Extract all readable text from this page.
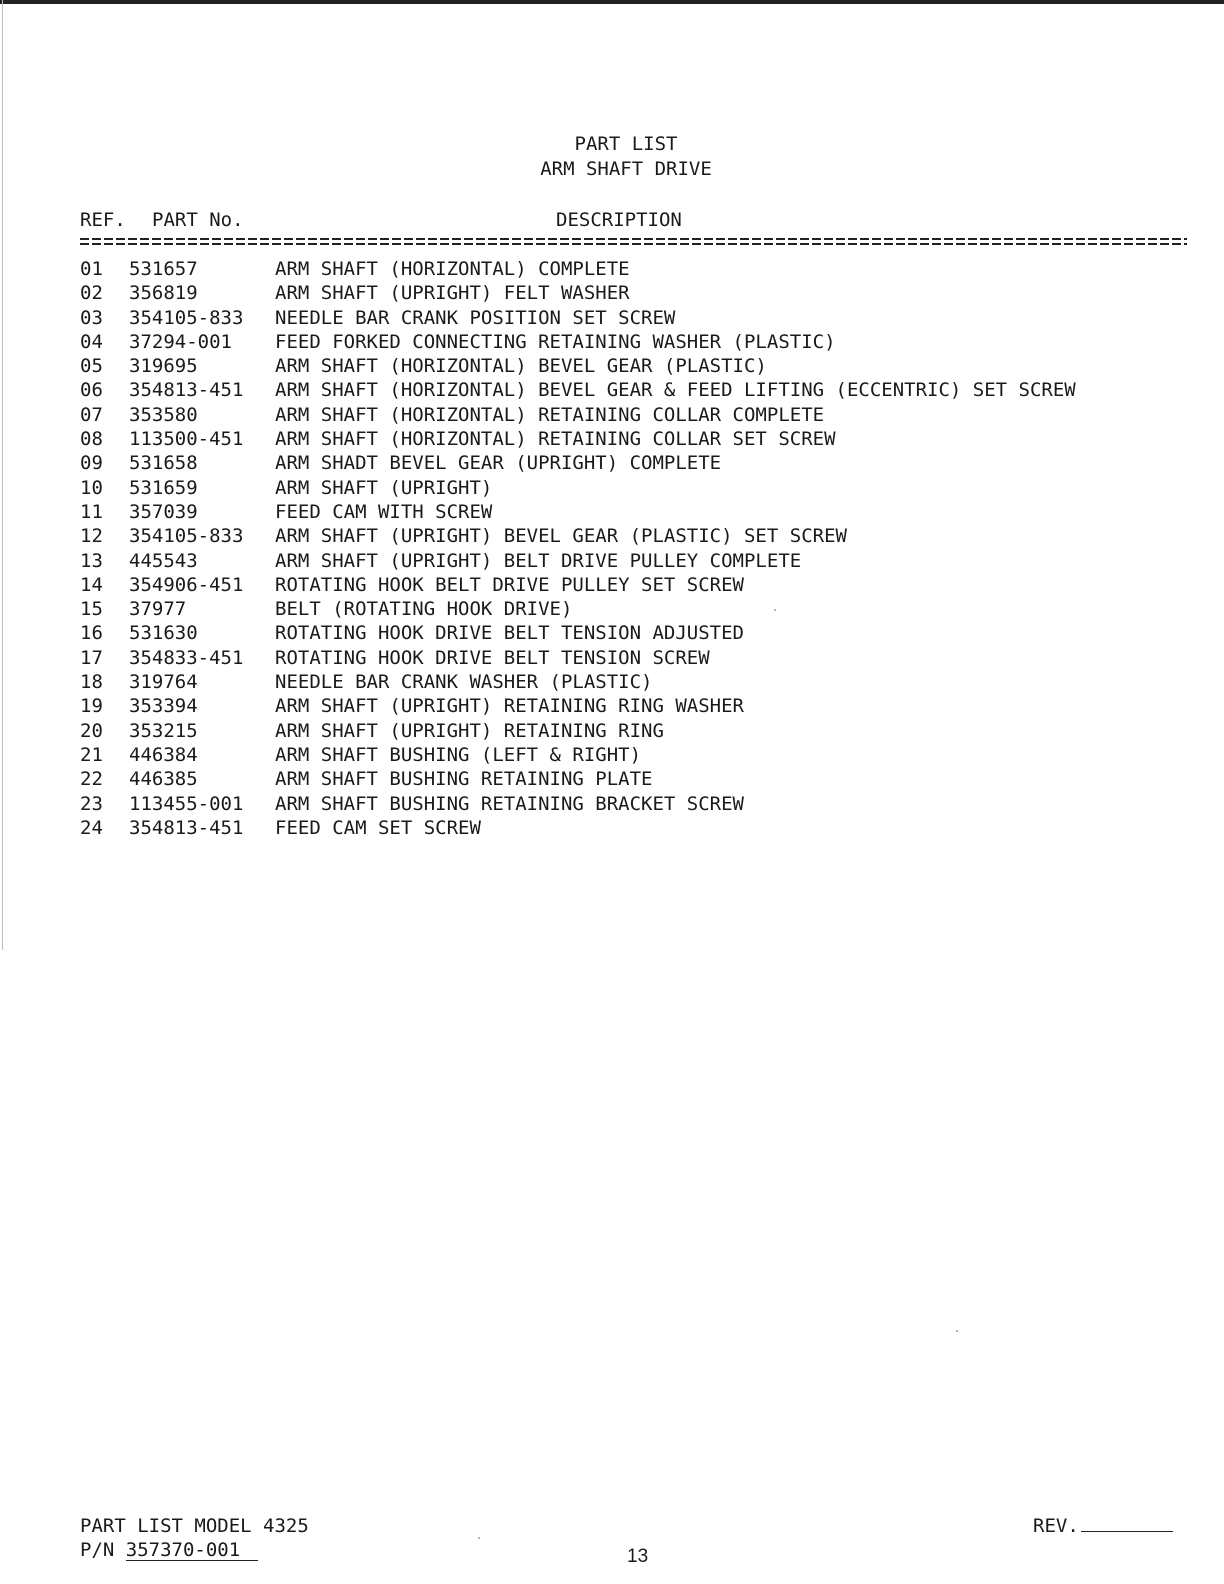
PART LIST
ARM SHAFT DRIVE
REF. PART No.	DESCRIPTION
01 531657	ARM SHAFT (HORIZONTAL) COMPLETE
02 356819	ARM SHAFT (UPRIGHT) FELT WASHER
03 354105-833 NEEDLE BAR CRANK POSITION SET SCREW
04 37294-001 FEED FORKED CONNECTING RETAINING WASHER (PLASTIC)
05 319695	ARM SHAFT (HORIZONTAL) BEVEL GEAR (PLASTIC)
06 354813-451 ARM SHAFT (HORIZONTAL) BEVEL GEAR & FEED LIFTING (ECCENTRIC) SET SCREW
07 353580	ARM SHAFT (HORIZONTAL) RETAINING COLLAR COMPLETE
08 113500-451 ARM SHAFT (HORIZONTAL) RETAINING COLLAR SET SCREW
09 531658	ARM SHADT BEVEL GEAR (UPRIGHT) COMPLETE
10 531659	ARM SHAFT (UPRIGHT)
11 357039	FEED CAM WITH SCREW
12 354105-833 ARM SHAFT (UPRIGHT) BEVEL GEAR (PLASTIC) SET SCREW
13 445543	ARM SHAFT (UPRIGHT) BELT DRIVE PULLEY COMPLETE
14 354906-451 ROTATING HOOK BELT DRIVE PULLEY SET SCREW
15 37977	BELT (ROTATING HOOK DRIVE)
16 531630	ROTATING HOOK DRIVE BELT TENSION ADJUSTED
17 354833-451 ROTATING HOOK DRIVE BELT TENSION SCREW
18 319764	NEEDLE BAR CRANK WASHER (PLASTIC)
19 353394	ARM SHAFT (UPRIGHT) RETAINING RING WASHER
20 353215	ARM SHAFT (UPRIGHT) RETAINING RING
21 446384	ARM SHAFT BUSHING (LEFT & RIGHT)
22 446385	ARM SHAFT BUSHING RETAINING PLATE
23 113455-001 ARM SHAFT BUSHING RETAINING BRACKET SCREW
24 354813-451 FEED CAM SET SCREW
PART LIST MODEL 4325
P/N 357370-001	13
REV.
